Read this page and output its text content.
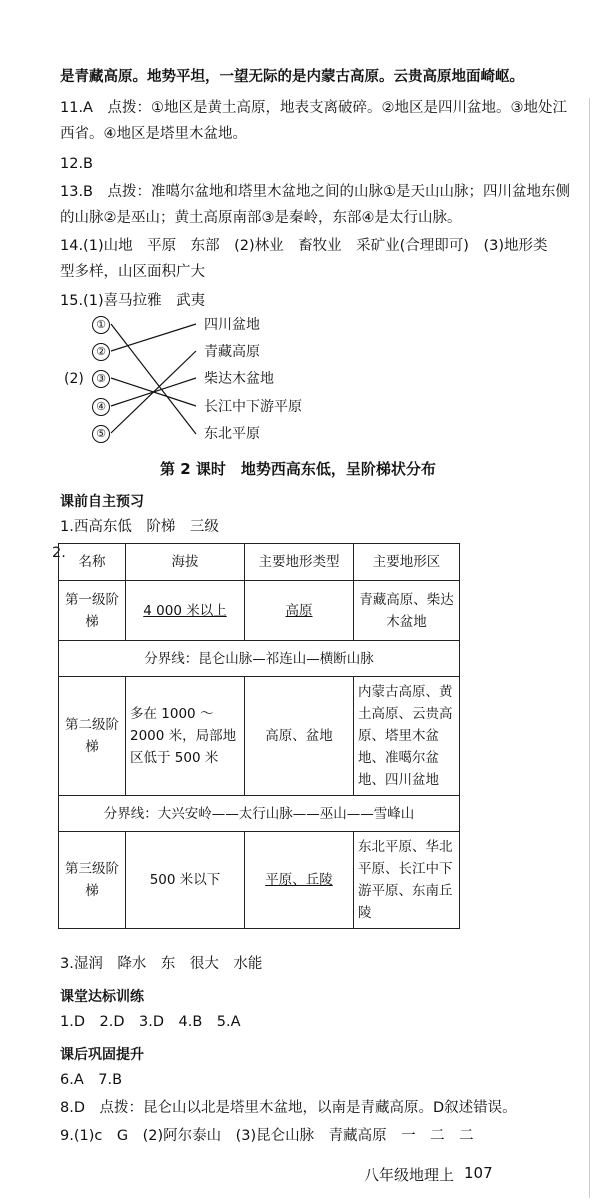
是青藏高原。地势平坦，一望无际的是内蒙古高原。云贵高原地面崎岖。
11.A　点拨：①地区是黄土高原，地表支离破碎。②地区是四川盆地。③地处江
西省。④地区是塔里木盆地。
12.B
13.B　点拨：准噶尔盆地和塔里木盆地之间的山脉①是天山山脉；四川盆地东侧
的山脉②是巫山；黄土高原南部③是秦岭，东部④是太行山脉。
14.(1)山地　平原　东部　(2)林业　畜牧业　采矿业(合理即可)　(3)地形类
型多样，山区面积广大
15.(1)喜马拉雅　武夷
(2)
①
②
③
④
⑤
四川盆地
青藏高原
柴达木盆地
长江中下游平原
东北平原
第 2 课时　地势西高东低，呈阶梯状分布
课前自主预习
1.西高东低　阶梯　三级
2.
名称	海拔	主要地形类型	主要地形区
第一级阶梯	4 000 米以上	高原	青藏高原、柴达木盆地
分界线：昆仑山脉—祁连山—横断山脉			
第二级阶梯	多在 1000 ～ 2000 米，局部地区低于 500 米	高原、盆地	内蒙古高原、黄土高原、云贵高原、塔里木盆地、准噶尔盆地、四川盆地
分界线：大兴安岭——太行山脉——巫山——雪峰山			
第三级阶梯	500 米以下	平原、丘陵	东北平原、华北平原、长江中下游平原、东南丘陵
3.湿润　降水　东　很大　水能
课堂达标训练
1.D　2.D　3.D　4.B　5.A
课后巩固提升
6.A　7.B
8.D　点拨：昆仑山以北是塔里木盆地，以南是青藏高原。D叙述错误。
9.(1)c　G　(2)阿尔泰山　(3)昆仑山脉　青藏高原　一　二　二
八年级地理上 107
